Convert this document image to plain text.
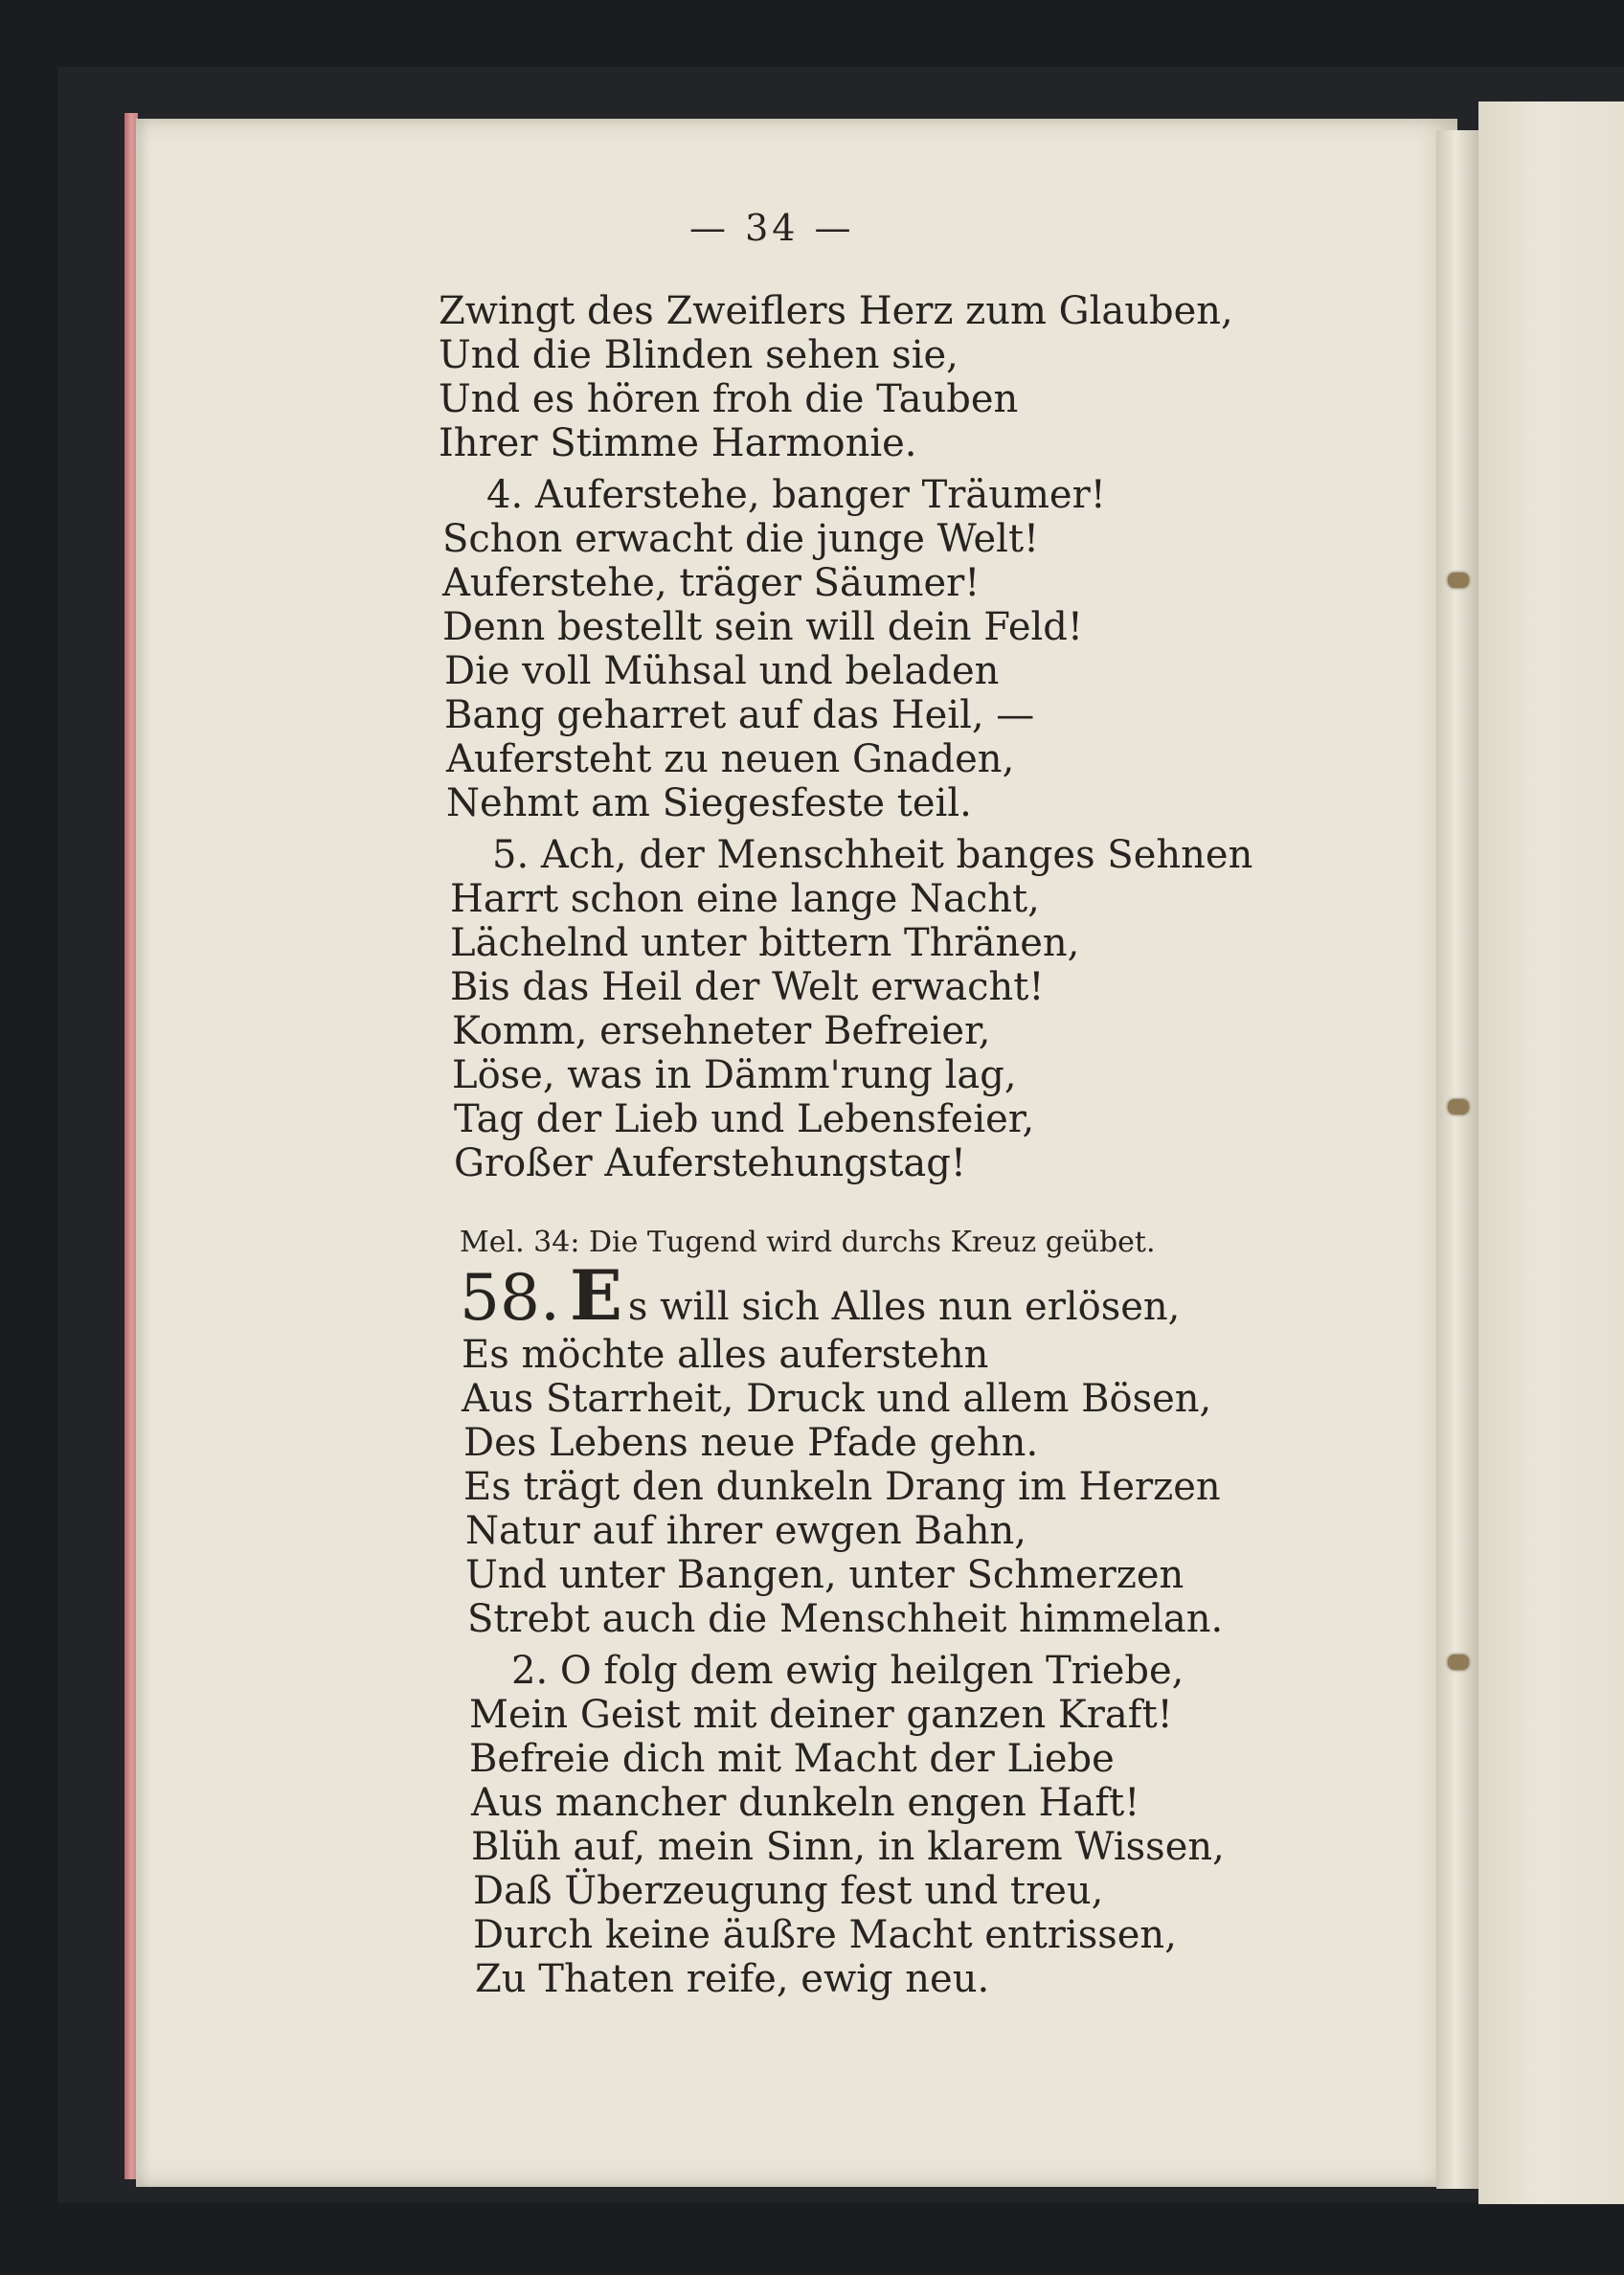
— 34 —
Zwingt des Zweiflers Herz zum Glauben,
Und die Blinden sehen sie,
Und es hören froh die Tauben
Ihrer Stimme Harmonie.
4. Auferstehe, banger Träumer!
Schon erwacht die junge Welt!
Auferstehe, träger Säumer!
Denn bestellt sein will dein Feld!
Die voll Mühsal und beladen
Bang geharret auf das Heil, —
Aufersteht zu neuen Gnaden,
Nehmt am Siegesfeste teil.
5. Ach, der Menschheit banges Sehnen
Harrt schon eine lange Nacht,
Lächelnd unter bittern Thränen,
Bis das Heil der Welt erwacht!
Komm, ersehneter Befreier,
Löse, was in Dämm'rung lag,
Tag der Lieb und Lebensfeier,
Großer Auferstehungstag!
Mel. 34: Die Tugend wird durchs Kreuz geübet.
58. E s will sich Alles nun erlösen,
Es möchte alles auferstehn
Aus Starrheit, Druck und allem Bösen,
Des Lebens neue Pfade gehn.
Es trägt den dunkeln Drang im Herzen
Natur auf ihrer ewgen Bahn,
Und unter Bangen, unter Schmerzen
Strebt auch die Menschheit himmelan.
2. O folg dem ewig heilgen Triebe,
Mein Geist mit deiner ganzen Kraft!
Befreie dich mit Macht der Liebe
Aus mancher dunkeln engen Haft!
Blüh auf, mein Sinn, in klarem Wissen,
Daß Überzeugung fest und treu,
Durch keine äußre Macht entrissen,
Zu Thaten reife, ewig neu.
